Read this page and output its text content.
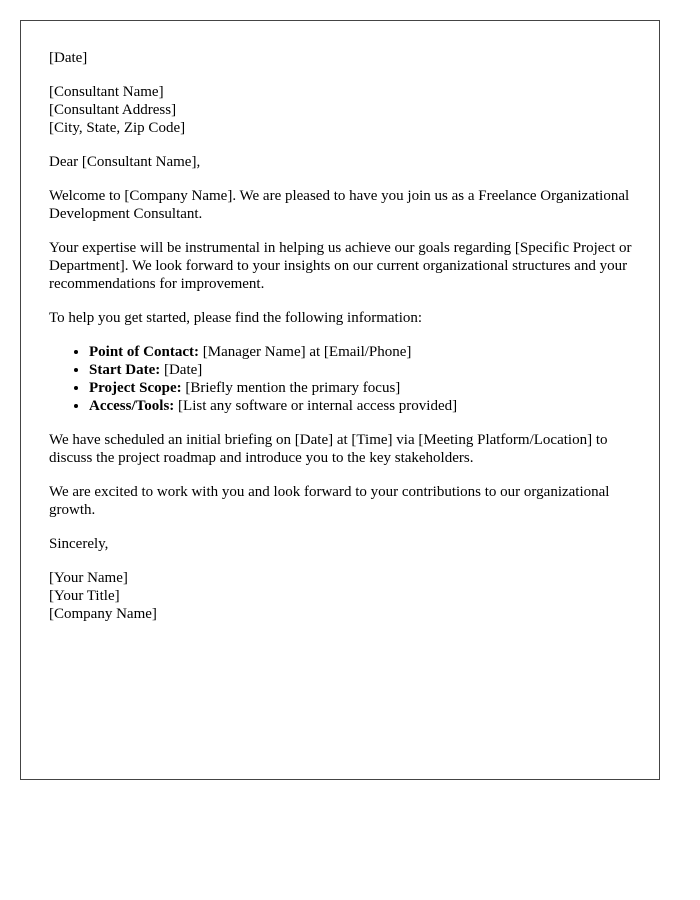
[Date]
[Consultant Name]
[Consultant Address]
[City, State, Zip Code]

Dear [Consultant Name],

Welcome to [Company Name]. We are pleased to have you join us as a Freelance Organizational Development Consultant.

Your expertise will be instrumental in helping us achieve our goals regarding [Specific Project or Department]. We look forward to your insights on our current organizational structures and your recommendations for improvement.

To help you get started, please find the following information:

• Point of Contact: [Manager Name] at [Email/Phone]
• Start Date: [Date]
• Project Scope: [Briefly mention the primary focus]
• Access/Tools: [List any software or internal access provided]

We have scheduled an initial briefing on [Date] at [Time] via [Meeting Platform/Location] to discuss the project roadmap and introduce you to the key stakeholders.

We are excited to work with you and look forward to your contributions to our organizational growth.

Sincerely,

[Your Name]
[Your Title]
[Company Name]
